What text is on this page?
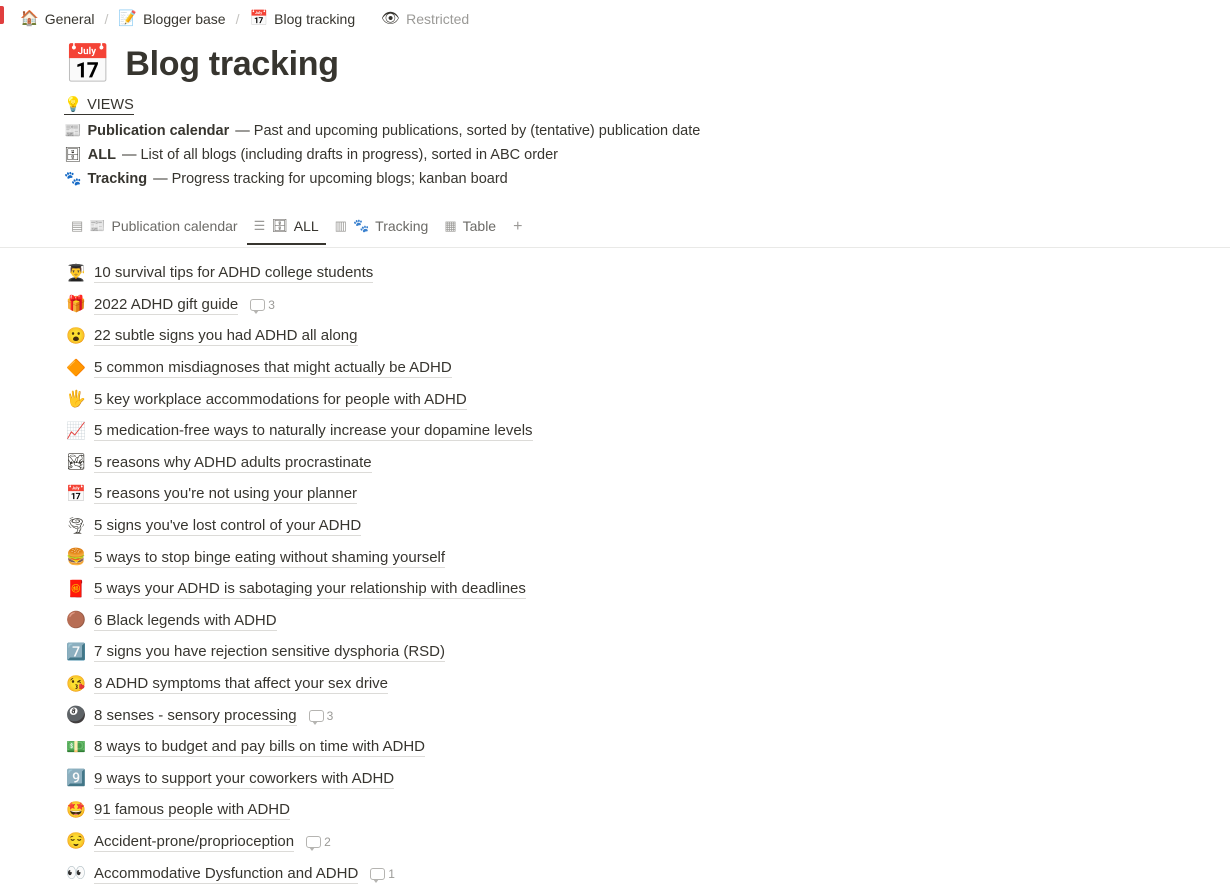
🏠 General / 📝 Blogger base / 📅 Blog tracking 👁 Restricted
📅 Blog tracking
💡 VIEWS
📰 Publication calendar — Past and upcoming publications, sorted by (tentative) publication date
🗄 ALL — List of all blogs (including drafts in progress), sorted in ABC order
🐾 Tracking — Progress tracking for upcoming blogs; kanban board
▤ 📰 Publication calendar ☰ 🗄 ALL ▥ 🐾 Tracking ▦ Table	+
👨‍🎓 10 survival tips for ADHD college students
🎁 2022 ADHD gift guide	3
😮 22 subtle signs you had ADHD all along
🔶 5 common misdiagnoses that might actually be ADHD
🖐 5 key workplace accommodations for people with ADHD
📈 5 medication-free ways to naturally increase your dopamine levels
🏞 5 reasons why ADHD adults procrastinate
📅 5 reasons you're not using your planner
🌪 5 signs you've lost control of your ADHD
🍔 5 ways to stop binge eating without shaming yourself
🧧 5 ways your ADHD is sabotaging your relationship with deadlines
🟤 6 Black legends with ADHD
7️⃣ 7 signs you have rejection sensitive dysphoria (RSD)
😘 8 ADHD symptoms that affect your sex drive
🎱 8 senses - sensory processing	3
💵 8 ways to budget and pay bills on time with ADHD
9️⃣ 9 ways to support your coworkers with ADHD
🤩 91 famous people with ADHD
😌 Accident-prone/proprioception	2
👀 Accommodative Dysfunction and ADHD	1
